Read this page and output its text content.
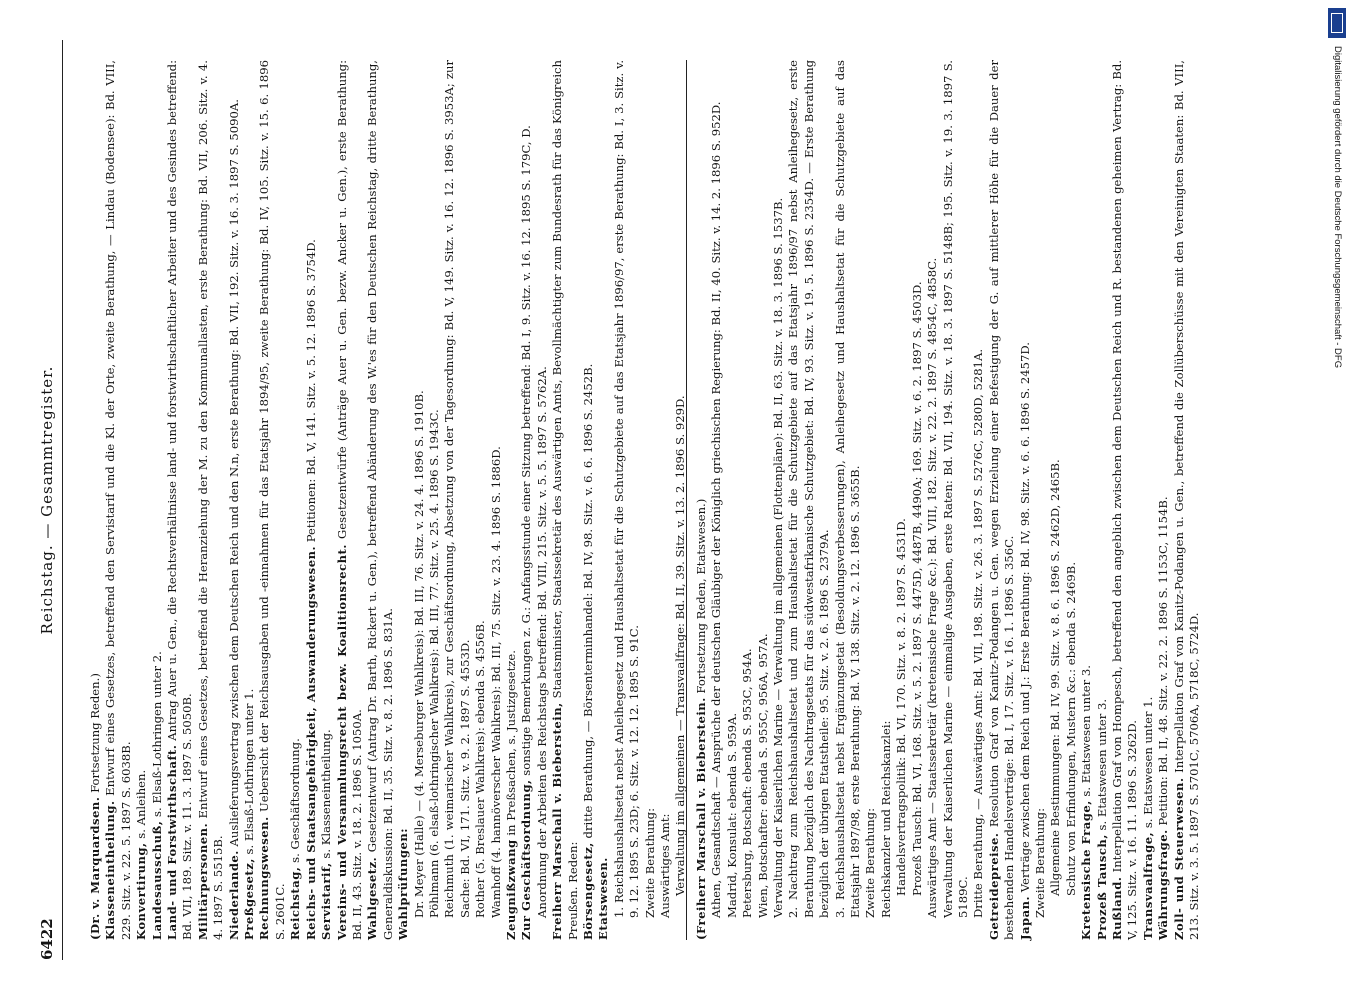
6422
Reichstag. — Gesammtregister.

(Dr. v. Marquardsen. Fortsetzung Reden.)

Klasseneintheilung. Entwurf eines Gesetzes, betreffend den Servistarif und die Kl. der Orte, zweite Berathung, — Lindau (Bodensee): Bd. VIII, 229. Sitz. v. 22. 5. 1897 S. 6038B. Konvertirung, s. Anleihen.

Landesausschuß, s. Elsaß-Lothringen unter 2.

Land- und Forstwirthschaft. Antrag Auer u. Gen., die Rechtsverhältnisse land- und forstwirthschaftlicher Arbeiter und des Gesindes betreffend: Bd. VII, 189. Sitz. v. 11. 3. 1897 S. 5050B. Militärpersonen. Entwurf eines Gesetzes, betreffend die Heranziehung der M. zu den Kommunallasten, erste Berathung: Bd. VII, 206. Sitz. v. 4. 4. 1897 S. 5515B. Niederlande. Auslieferungsvertrag zwischen dem Deutschen Reich und den N.n, erste Berathung: Bd. VII, 192. Sitz. v. 16. 3. 1897 S. 5090A.

Preßgesetz, s. Elsaß-Lothringen unter 1.

Rechnungswesen. Uebersicht der Reichsausgaben und -einnahmen für das Etatsjahr 1894/95, zweite Berathung: Bd. IV, 105. Sitz. v. 15. 6. 1896 S. 2601C. Reichstag, s. Geschäftsordnung. Reichs- und Staatsangehörigkeit, Auswanderungswesen. Petitionen: Bd. V, 141. Sitz. v. 5. 12. 1896 S. 3754D.

Servistarif, s. Klasseneintheilung. Vereins- und Versammlungsrecht bezw. Koalitionsrecht. Gesetzentwürfe (Anträge Auer u. Gen. bezw. Ancker u. Gen.), erste Berathung: Bd. II, 43. Sitz. v. 18. 2. 1896 S. 1050A. Wahlgesetz. Gesetzentwurf (Antrag Dr. Barth, Rickert u. Gen.), betreffend Abänderung des W.'es für den Deutschen Reichstag, dritte Berathung, Generaldiskussion: Bd. II, 35. Sitz. v. 8. 2. 1896 S. 831A. Wahlprüfungen: Dr. Meyer (Halle) — (4. Merseburger Wahlkreis): Bd. III, 76. Sitz. v. 24. 4. 1896 S. 1910B. Pöhlmann (6. elsaß-lothringischer Wahlkreis): Bd. III, 77. Sitz. v. 25. 4. 1896 S. 1943C. Reichmuth (1. weimarischer Wahlkreis), zur Geschäftsordnung, Absetzung von der Tagesordnung: Bd. V, 149. Sitz. v. 16. 12. 1896 S. 3953A; zur Sache: Bd. VI, 171. Sitz. v. 9. 2. 1897 S. 4553D. Rother (5. Breslauer Wahlkreis): ebenda S. 4556B. Wamhoff (4. hannöverscher Wahlkreis): Bd. III, 75. Sitz. v. 23. 4. 1896 S. 1886D. Zeugnißzwang in Preßsachen, s. Justizgesetze.

Zur Geschäftsordnung, sonstige Bemerkungen z. G.: Anfangsstunde einer Sitzung betreffend: Bd. I, 9. Sitz. v. 16. 12. 1895 S. 179C, D. Anordnung der Arbeiten des Reichstags betreffend: Bd. VIII, 215. Sitz. v. 5. 5. 1897 S. 5762A. Freiherr Marschall v. Bieberstein, Staatsminister, Staatssekretär des Auswärtigen Amts, Bevollmächtigter zum Bundesrath für das Königreich Preußen. Reden: Börsengesetz, dritte Berathung, — Börsenterminhandel: Bd. IV, 98. Sitz. v. 6. 6. 1896 S. 2452B.

Etatswesen. 1. Reichshaushaltsetat nebst Anleihegesetz und Haushaltsetat für die Schutzgebiete auf das Etatsjahr 1896/97, erste Berathung: Bd. I, 3. Sitz. v. 9. 12. 1895 S. 23D; 6. Sitz. v. 12. 12. 1895 S. 91C. Zweite Berathung: Auswärtiges Amt: Verwaltung im allgemeinen — Transvaalfrage: Bd. II, 39. Sitz. v. 13. 2. 1896 S. 929D. (Freiherr Marschall v. Bieberstein. Fortsetzung Reden, Etatswesen.) Athen, Gesandtschaft — Ansprüche der deutschen Gläubiger der Königlich griechischen Regierung: Bd. II, 40. Sitz. v. 14. 2. 1896 S. 952D. Madrid, Konsulat: ebenda S. 959A. Petersburg, Botschaft: ebenda S. 953C, 954A. Wien, Botschafter: ebenda S. 955C, 956A, 957A. Verwaltung der Kaiserlichen Marine — Verwaltung im allgemeinen (Flottenpläne): Bd. II, 63. Sitz. v. 18. 3. 1896 S. 1537B. 2. Nachtrag zum Reichshaushaltsetat und zum Haushaltsetat für die Schutzgebiete auf das Etatsjahr 1896/97 nebst Anleihegesetz, erste Berathung bezüglich des Nachtragsetats für das südwestafrikanische Schutzgebiet: Bd. IV, 93. Sitz. v. 19. 5. 1896 S. 2354D. — Erste Berathung bezüglich der übrigen Etatstheile: 95. Sitz. v. 2. 6. 1896 S. 2379A. 3. Reichshaushaltsetat nebst Ergänzungsetat (Besoldungsverbesserungen), Anleihegesetz und Haushaltsetat für die Schutzgebiete auf das Etatsjahr 1897/98, erste Berathung: Bd. V, 138. Sitz. v. 2. 12. 1896 S. 3655B. Zweite Berathung: Reichskanzler und Reichskanzlei: Handelsvertragspolitik: Bd. VI, 170. Sitz. v. 8. 2. 1897 S. 4531D. Prozeß Tausch: Bd. VI, 168. Sitz. v. 5. 2. 1897 S. 4475D, 4487B, 4490A; 169. Sitz. v. 6. 2. 1897 S. 4503D. Auswärtiges Amt — Staatssekretär (kretensische Frage &c.): Bd. VIII, 182. Sitz. v. 22. 2. 1897 S. 4854C, 4858C. Verwaltung der Kaiserlichen Marine — einmalige Ausgaben, erste Raten: Bd. VII, 194. Sitz. v. 18. 3. 1897 S. 5148B; 195. Sitz. v. 19. 3. 1897 S. 5189C. Dritte Berathung, — Auswärtiges Amt: Bd. VII, 198. Sitz. v. 26. 3. 1897 S. 5276C, 5280D, 5281A. Getreidepreise. Resolution Graf von Kanitz-Podangen u. Gen. wegen Erzielung einer Befestigung der G. auf mittlerer Höhe für die Dauer der bestehenden Handelsverträge: Bd. I, 17. Sitz. v. 16. 1. 1896 S. 356C. Japan. Verträge zwischen dem Reich und J.: Erste Berathung: Bd. IV, 98. Sitz. v. 6. 6. 1896 S. 2457D. Zweite Berathung: Allgemeine Bestimmungen: Bd. IV, 99. Sitz. v. 8. 6. 1896 S. 2462D, 2465B. Schutz von Erfindungen, Mustern &c.: ebenda S. 2469B. Kretensische Frage, s. Etatswesen unter 3.

Prozeß Tausch, s. Etatswesen unter 3.

Rußland. Interpellation Graf von Hompesch, betreffend den angeblich zwischen dem Deutschen Reich und R. bestandenen geheimen Vertrag: Bd. V, 125. Sitz. v. 16. 11. 1896 S. 3262D. Transvaalfrage, s. Etatswesen unter 1.

Währungsfrage. Petition: Bd. II, 48. Sitz. v. 22. 2. 1896 S. 1153C, 1154B.

Zoll- und Steuerwesen. Interpellation Graf von Kanitz-Podangen u. Gen., betreffend die Zollüberschüsse mit den Vereinigten Staaten: Bd. VIII, 213. Sitz. v. 3. 5. 1897 S. 5701C, 5706A, 5718C, 5724D.

Digitalisierung gefördert durch die Deutsche Forschungsgemeinschaft - DFG
